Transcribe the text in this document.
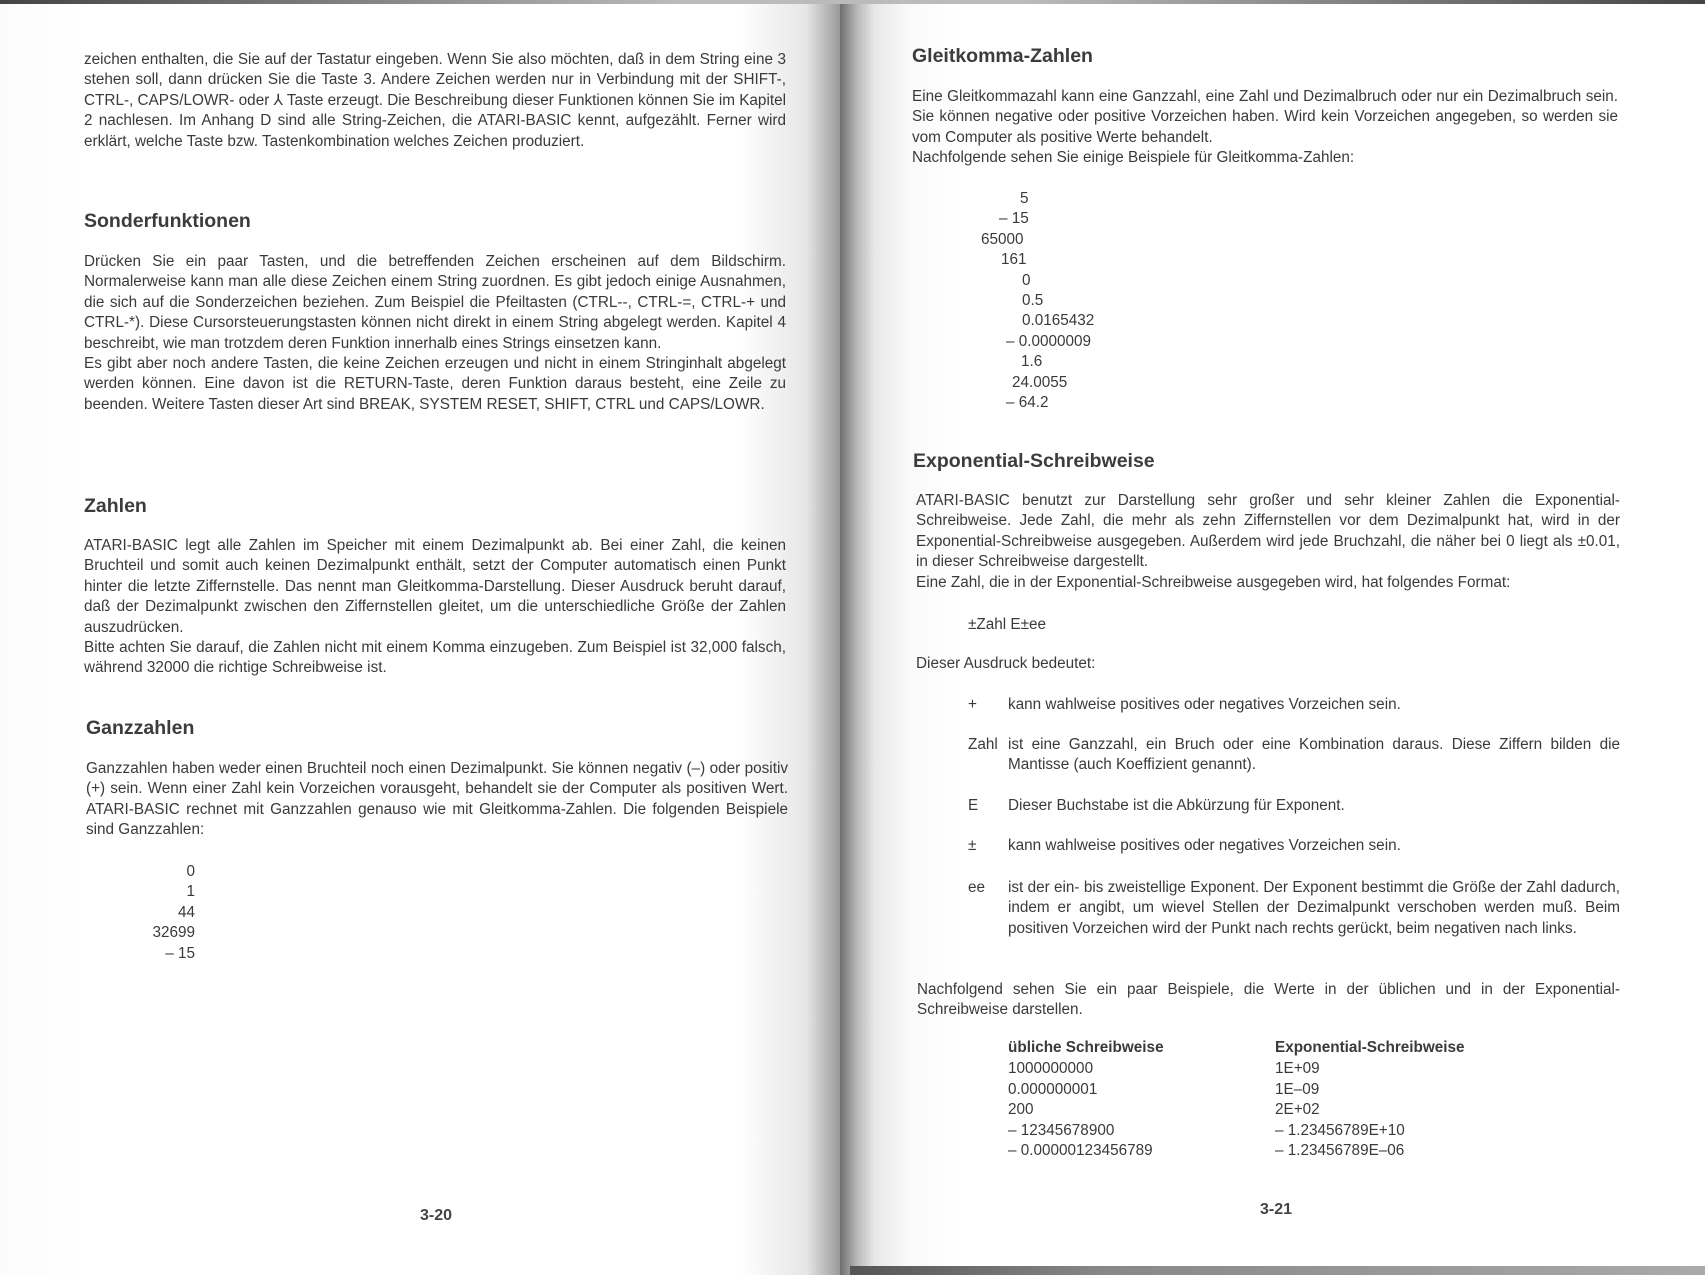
zeichen enthalten, die Sie auf der Tastatur eingeben. Wenn Sie also möchten, daß in dem String eine 3 stehen soll, dann drücken Sie die Taste 3. Andere Zeichen werden nur in Verbindung mit der SHIFT-, CTRL-, CAPS/LOWR- oder ⅄ Taste erzeugt. Die Beschreibung dieser Funktionen können Sie im Kapitel 2 nachlesen. Im Anhang D sind alle String-Zeichen, die ATARI-BASIC kennt, aufgezählt. Ferner wird erklärt, welche Taste bzw. Tastenkombination welches Zeichen produziert.

Sonderfunktionen

Drücken Sie ein paar Tasten, und die betreffenden Zeichen erscheinen auf dem Bildschirm. Normalerweise kann man alle diese Zeichen einem String zuordnen. Es gibt jedoch einige Ausnahmen, die sich auf die Sonderzeichen beziehen. Zum Beispiel die Pfeiltasten (CTRL--, CTRL-=, CTRL-+ und CTRL-*). Diese Cursorsteuerungstasten können nicht direkt in einem String abgelegt werden. Kapitel 4 beschreibt, wie man trotzdem deren Funktion innerhalb eines Strings einsetzen kann.

Es gibt aber noch andere Tasten, die keine Zeichen erzeugen und nicht in einem Stringinhalt abgelegt werden können. Eine davon ist die RETURN-Taste, deren Funktion daraus besteht, eine Zeile zu beenden. Weitere Tasten dieser Art sind BREAK, SYSTEM RESET, SHIFT, CTRL und CAPS/LOWR.

Zahlen

ATARI-BASIC legt alle Zahlen im Speicher mit einem Dezimalpunkt ab. Bei einer Zahl, die keinen Bruchteil und somit auch keinen Dezimalpunkt enthält, setzt der Computer automatisch einen Punkt hinter die letzte Ziffernstelle. Das nennt man Gleitkomma-Darstellung. Dieser Ausdruck beruht darauf, daß der Dezimalpunkt zwischen den Ziffernstellen gleitet, um die unterschiedliche Größe der Zahlen auszudrücken.

Bitte achten Sie darauf, die Zahlen nicht mit einem Komma einzugeben. Zum Beispiel ist 32,000 falsch, während 32000 die richtige Schreibweise ist.

Ganzzahlen

Ganzzahlen haben weder einen Bruchteil noch einen Dezimalpunkt. Sie können negativ (–) oder positiv (+) sein. Wenn einer Zahl kein Vorzeichen vorausgeht, behandelt sie der Computer als positiven Wert. ATARI-BASIC rechnet mit Ganzzahlen genauso wie mit Gleitkomma-Zahlen. Die folgenden Beispiele sind Ganzzahlen:

0
1
44
32699
– 15
3-20
Gleitkomma-Zahlen

Eine Gleitkommazahl kann eine Ganzzahl, eine Zahl und Dezimalbruch oder nur ein Dezimalbruch sein. Sie können negative oder positive Vorzeichen haben. Wird kein Vorzeichen angegeben, so werden sie vom Computer als positive Werte behandelt.

Nachfolgende sehen Sie einige Beispiele für Gleitkomma-Zahlen:

5
– 15
65000
161
0
0.5
0.0165432
– 0.0000009
1.6
24.0055
– 64.2
Exponential-Schreibweise

ATARI-BASIC benutzt zur Darstellung sehr großer und sehr kleiner Zahlen die Exponential-Schreibweise. Jede Zahl, die mehr als zehn Ziffernstellen vor dem Dezimalpunkt hat, wird in der Exponential-Schreibweise ausgegeben. Außerdem wird jede Bruchzahl, die näher bei 0 liegt als ±0.01, in dieser Schreibweise dargestellt.

Eine Zahl, die in der Exponential-Schreibweise ausgegeben wird, hat folgendes Format:

±Zahl E±ee
Dieser Ausdruck bedeutet:
+ kann wahlweise positives oder negatives Vorzeichen sein.
Zahl ist eine Ganzzahl, ein Bruch oder eine Kombination daraus. Diese Ziffern bilden die Mantisse (auch Koeffizient genannt).
E Dieser Buchstabe ist die Abkürzung für Exponent.
± kann wahlweise positives oder negatives Vorzeichen sein.
ee ist der ein- bis zweistellige Exponent. Der Exponent bestimmt die Größe der Zahl dadurch, indem er angibt, um wievel Stellen der Dezimalpunkt verschoben werden muß. Beim positiven Vorzeichen wird der Punkt nach rechts gerückt, beim negativen nach links.
Nachfolgend sehen Sie ein paar Beispiele, die Werte in der üblichen und in der Exponential-Schreibweise darstellen.
übliche Schreibweise	Exponential-Schreibweise
1000000000	1E+09
0.000000001	1E–09
200	2E+02
– 12345678900	– 1.23456789E+10
– 0.00000123456789	– 1.23456789E–06
3-21
